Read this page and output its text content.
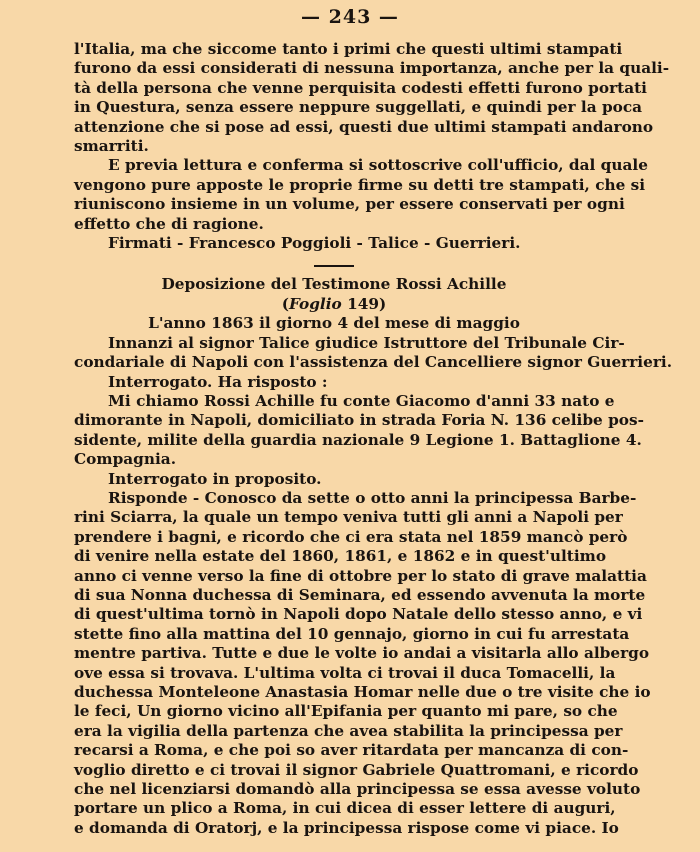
— 243 —
l'Italia, ma che siccome tanto i primi che questi ultimi stampati
furono da essi considerati di nessuna importanza, anche per la quali-
tà della persona che venne perquisita codesti effetti furono portati
in Questura, senza essere neppure suggellati, e quindi per la poca
attenzione che si pose ad essi, questi due ultimi stampati andarono
smarriti.
E previa lettura e conferma si sottoscrive coll'ufficio, dal quale
vengono pure apposte le proprie firme su detti tre stampati, che si
riuniscono insieme in un volume, per essere conservati per ogni
effetto che di ragione.
Firmati - Francesco Poggioli - Talice - Guerrieri.
Deposizione del Testimone Rossi Achille
(Foglio 149)
L'anno 1863 il giorno 4 del mese di maggio
Innanzi al signor Talice giudice Istruttore del Tribunale Cir-
condariale di Napoli con l'assistenza del Cancelliere signor Guerrieri.
Interrogato. Ha risposto :
Mi chiamo Rossi Achille fu conte Giacomo d'anni 33 nato e
dimorante in Napoli, domiciliato in strada Foria N. 136 celibe pos-
sidente, milite della guardia nazionale 9 Legione 1. Battaglione 4.
Compagnia.
Interrogato in proposito.
Risponde - Conosco da sette o otto anni la principessa Barbe-
rini Sciarra, la quale un tempo veniva tutti gli anni a Napoli per
prendere i bagni, e ricordo che ci era stata nel 1859 mancò però
di venire nella estate del 1860, 1861, e 1862 e in quest'ultimo
anno ci venne verso la fine di ottobre per lo stato di grave malattia
di sua Nonna duchessa di Seminara, ed essendo avvenuta la morte
di quest'ultima tornò in Napoli dopo Natale dello stesso anno, e vi
stette fino alla mattina del 10 gennajo, giorno in cui fu arrestata
mentre partiva. Tutte e due le volte io andai a visitarla allo albergo
ove essa si trovava. L'ultima volta ci trovai il duca Tomacelli, la
duchessa Monteleone Anastasia Homar nelle due o tre visite che io
le feci, Un giorno vicino all'Epifania per quanto mi pare, so che
era la vigilia della partenza che avea stabilita la principessa per
recarsi a Roma, e che poi so aver ritardata per mancanza di con-
voglio diretto e ci trovai il signor Gabriele Quattromani, e ricordo
che nel licenziarsi domandò alla principessa se essa avesse voluto
portare un plico a Roma, in cui dicea di esser lettere di auguri,
e domanda di Oratorj, e la principessa rispose come vi piace. Io
